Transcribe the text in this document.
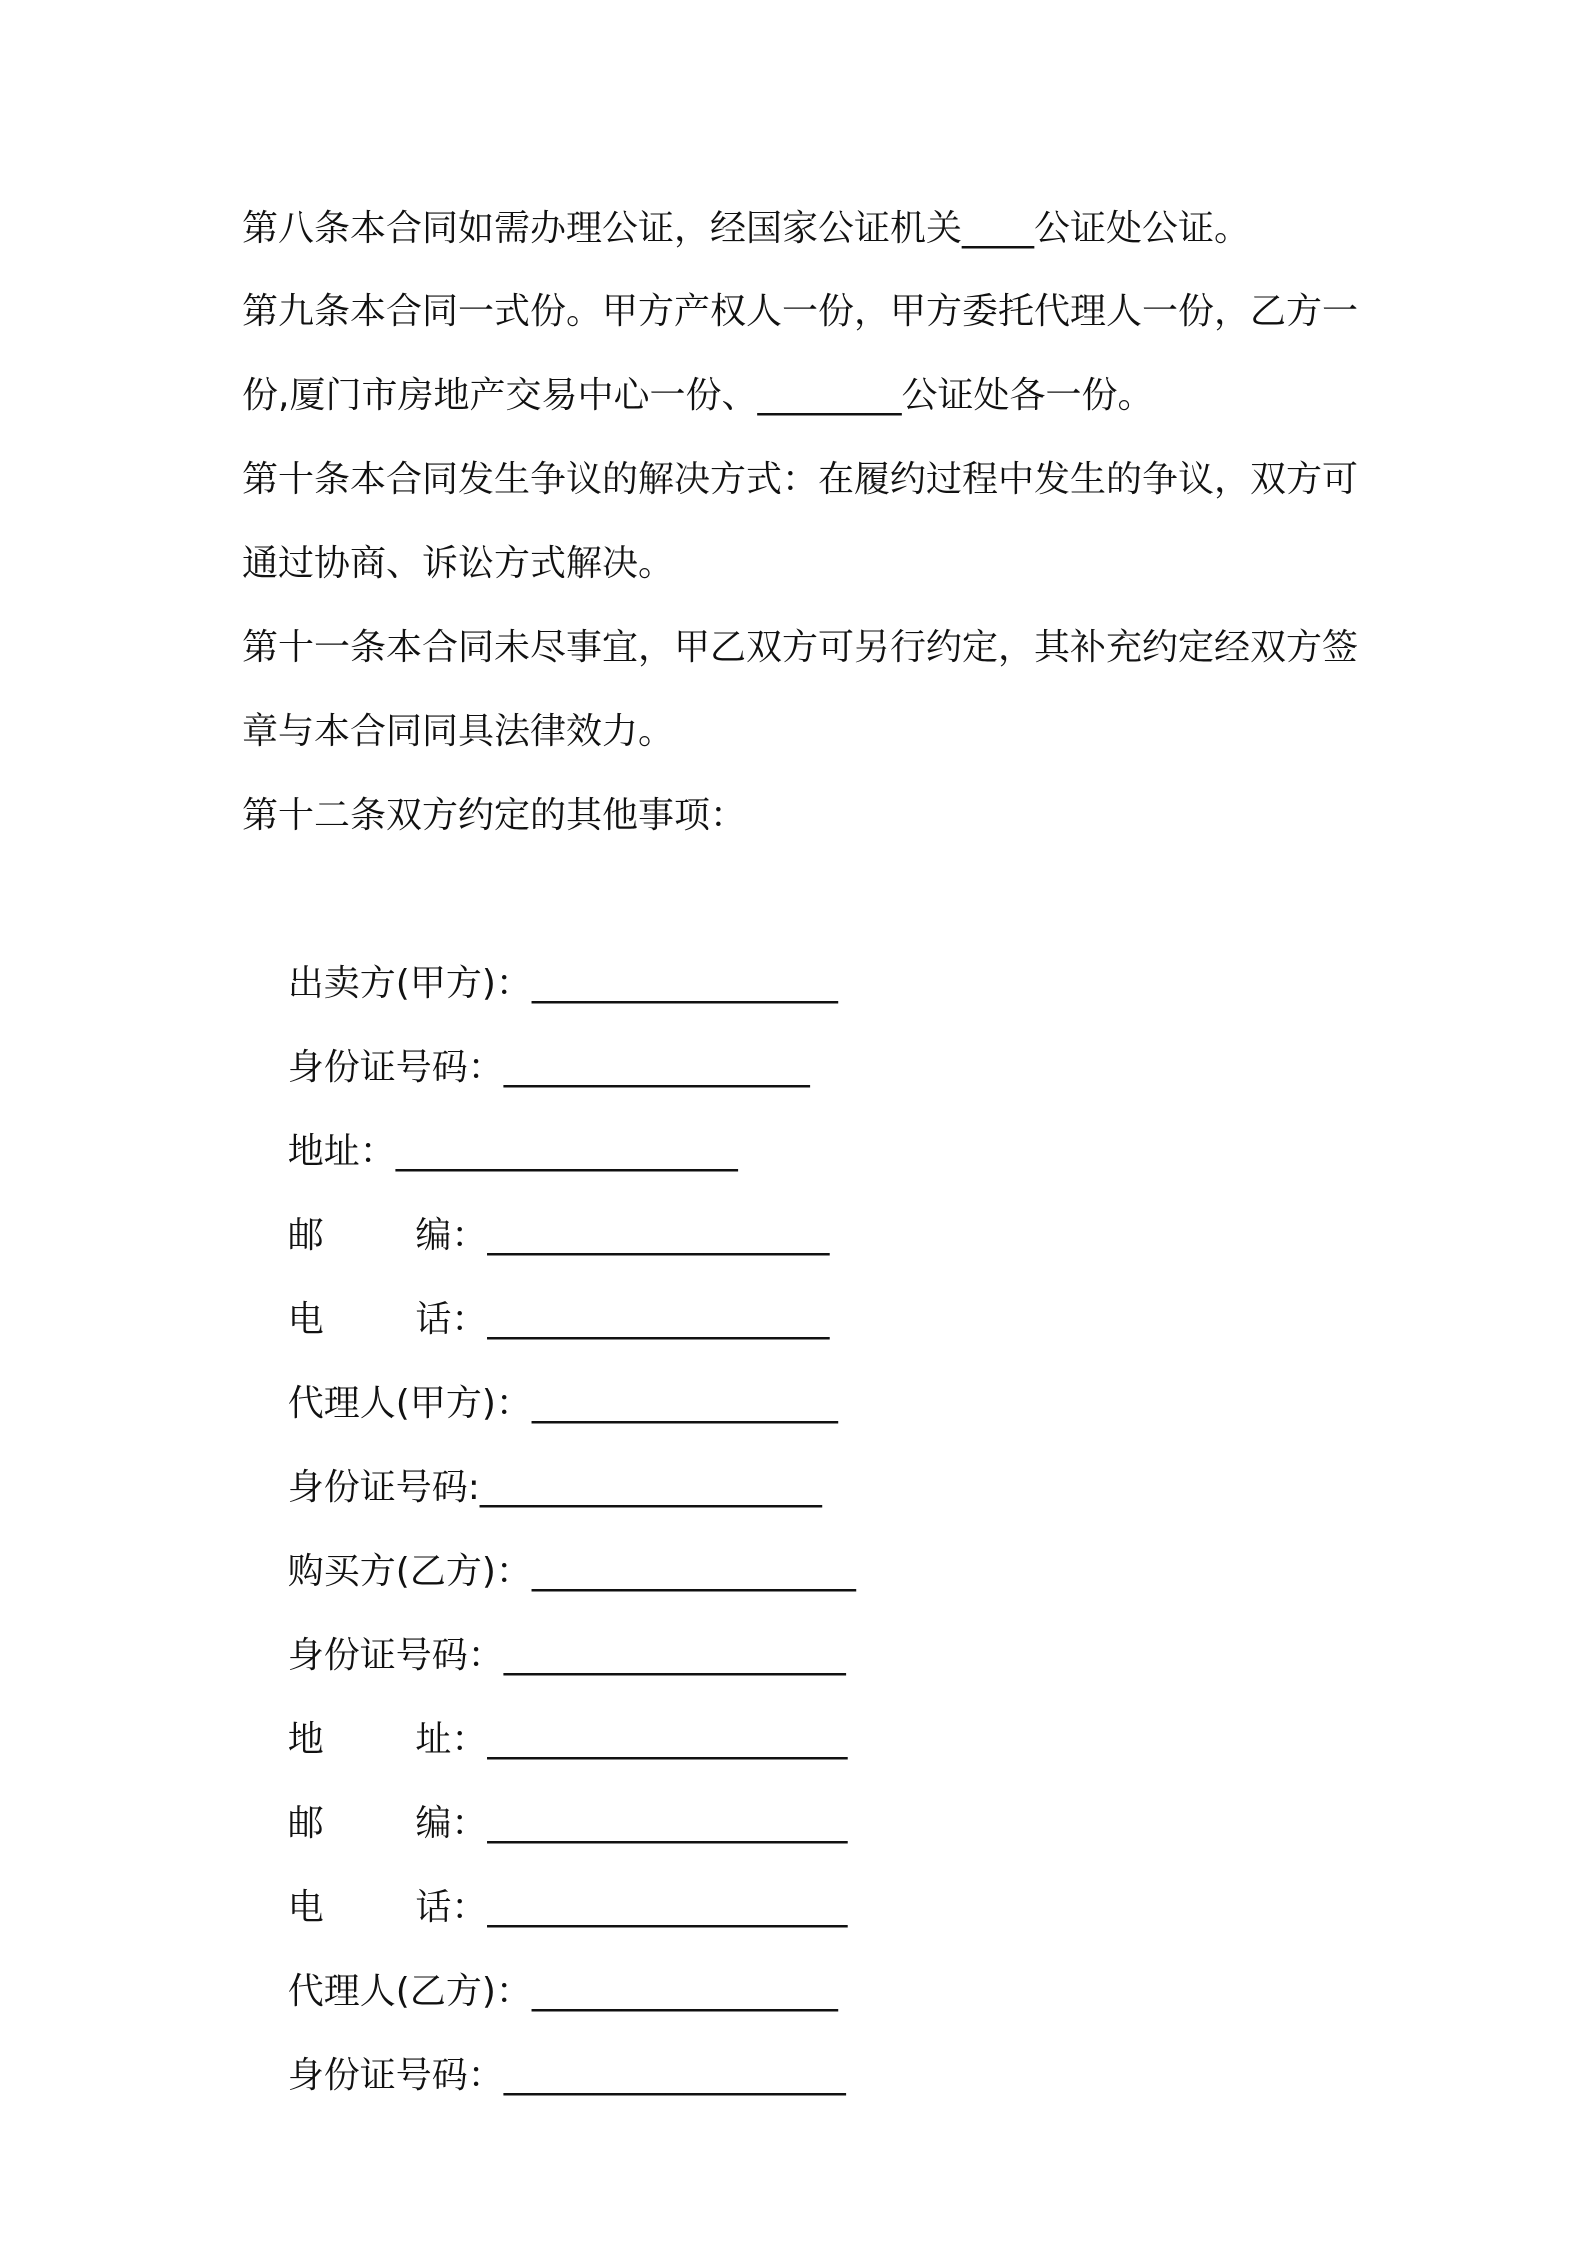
第八条本合同如需办理公证，经国家公证机关____公证处公证。

第九条本合同一式份。甲方产权人一份，甲方委托代理人一份，乙方一份,厦门市房地产交易中心一份、________公证处各一份。

第十条本合同发生争议的解决方式：在履约过程中发生的争议，双方可通过协商、诉讼方式解决。

第十一条本合同未尽事宜，甲乙双方可另行约定，其补充约定经双方签章与本合同同具法律效力。

第十二条双方约定的其他事项：

出卖方(甲方)：_________________

身份证号码：_________________

地址：___________________

邮        编：___________________

电        话：___________________

代理人(甲方)：_________________

身份证号码:___________________

购买方(乙方)：__________________

身份证号码：___________________

地        址：____________________

邮        编：____________________

电        话：____________________

代理人(乙方)：_________________

身份证号码：___________________
